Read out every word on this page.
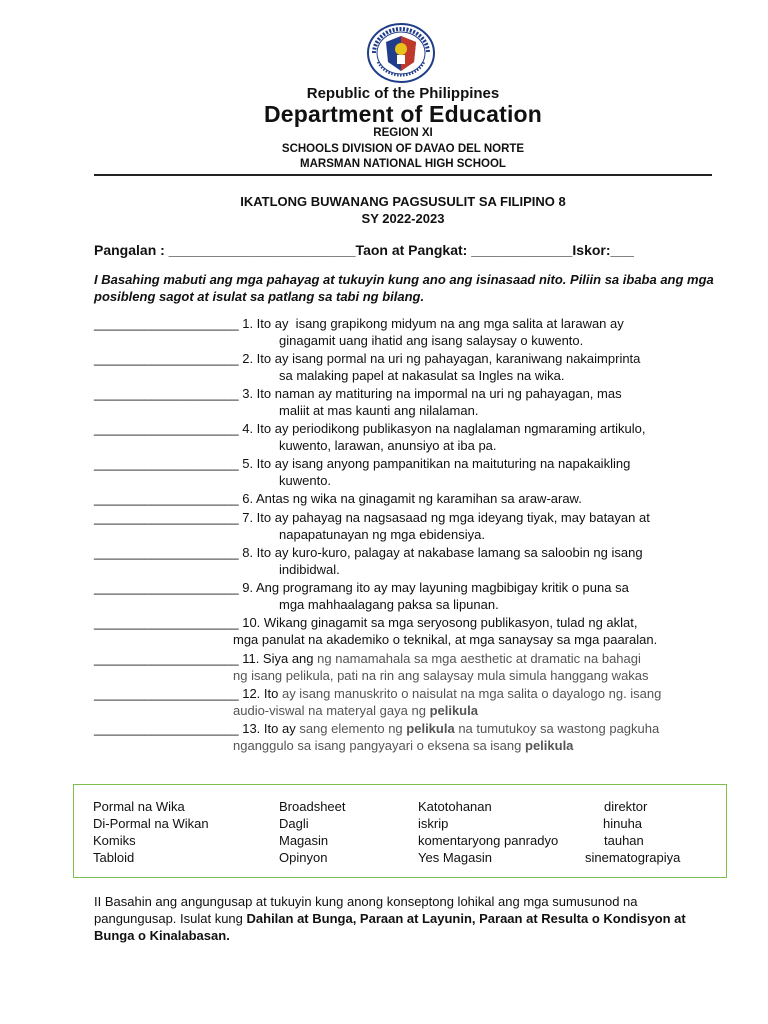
Republic of the Philippines
Department of Education
REGION XI
SCHOOLS DIVISION OF DAVAO DEL NORTE
MARSMAN NATIONAL HIGH SCHOOL
IKATLONG BUWANANG PAGSUSULIT SA FILIPINO 8
SY 2022-2023
Pangalan : ________________________Taon at Pangkat: _____________Iskor:___
I Basahing mabuti ang mga pahayag at tukuyin kung ano ang isinasaad nito. Piliin sa ibaba ang mga posibleng sagot at isulat sa patlang sa tabi ng bilang.
____________________ 1. Ito ay  isang grapikong midyum na ang mga salita at larawan ay
ginagamit uang ihatid ang isang salaysay o kuwento.
____________________ 2. Ito ay isang pormal na uri ng pahayagan, karaniwang nakaimprinta
sa malaking papel at nakasulat sa Ingles na wika.
____________________ 3. Ito naman ay matituring na impormal na uri ng pahayagan, mas
maliit at mas kaunti ang nilalaman.
____________________ 4. Ito ay periodikong publikasyon na naglalaman ngmaraming artikulo,
kuwento, larawan, anunsiyo at iba pa.
____________________ 5. Ito ay isang anyong pampanitikan na maituturing na napakaikling
kuwento.
____________________ 6. Antas ng wika na ginagamit ng karamihan sa araw-araw.
____________________ 7. Ito ay pahayag na nagsasaad ng mga ideyang tiyak, may batayan at
napapatunayan ng mga ebidensiya.
____________________ 8. Ito ay kuro-kuro, palagay at nakabase lamang sa saloobin ng isang
indibidwal.
____________________ 9. Ang programang ito ay may layuning magbibigay kritik o puna sa
mga mahhaalagang paksa sa lipunan.
____________________ 10. Wikang ginagamit sa mga seryosong publikasyon, tulad ng aklat,
mga panulat na akademiko o teknikal, at mga sanaysay sa mga paaralan.
____________________ 11. Siya ang ng namamahala sa mga aesthetic at dramatic na bahagi
ng isang pelikula, pati na rin ang salaysay mula simula hanggang wakas
____________________ 12. Ito ay isang manuskrito o naisulat na mga salita o dayalogo ng. isang
audio-viswal na materyal gaya ng pelikula
____________________ 13. Ito ay sang elemento ng pelikula na tumutukoy sa wastong pagkuha
nganggulo sa isang pangyayari o eksena sa isang pelikula
Pormal na Wika	Broadsheet	Katotohanan	direktor
Di-Pormal na Wikan	Dagli	iskrip	hinuha
Komiks	Magasin	komentaryong panradyo	tauhan
Tabloid	Opinyon	Yes Magasin	sinematograpiya
II Basahin ang angungusap at tukuyin kung anong konseptong lohikal ang mga sumusunod na pangungusap. Isulat kung Dahilan at Bunga, Paraan at Layunin, Paraan at Resulta o Kondisyon at Bunga o Kinalabasan.
